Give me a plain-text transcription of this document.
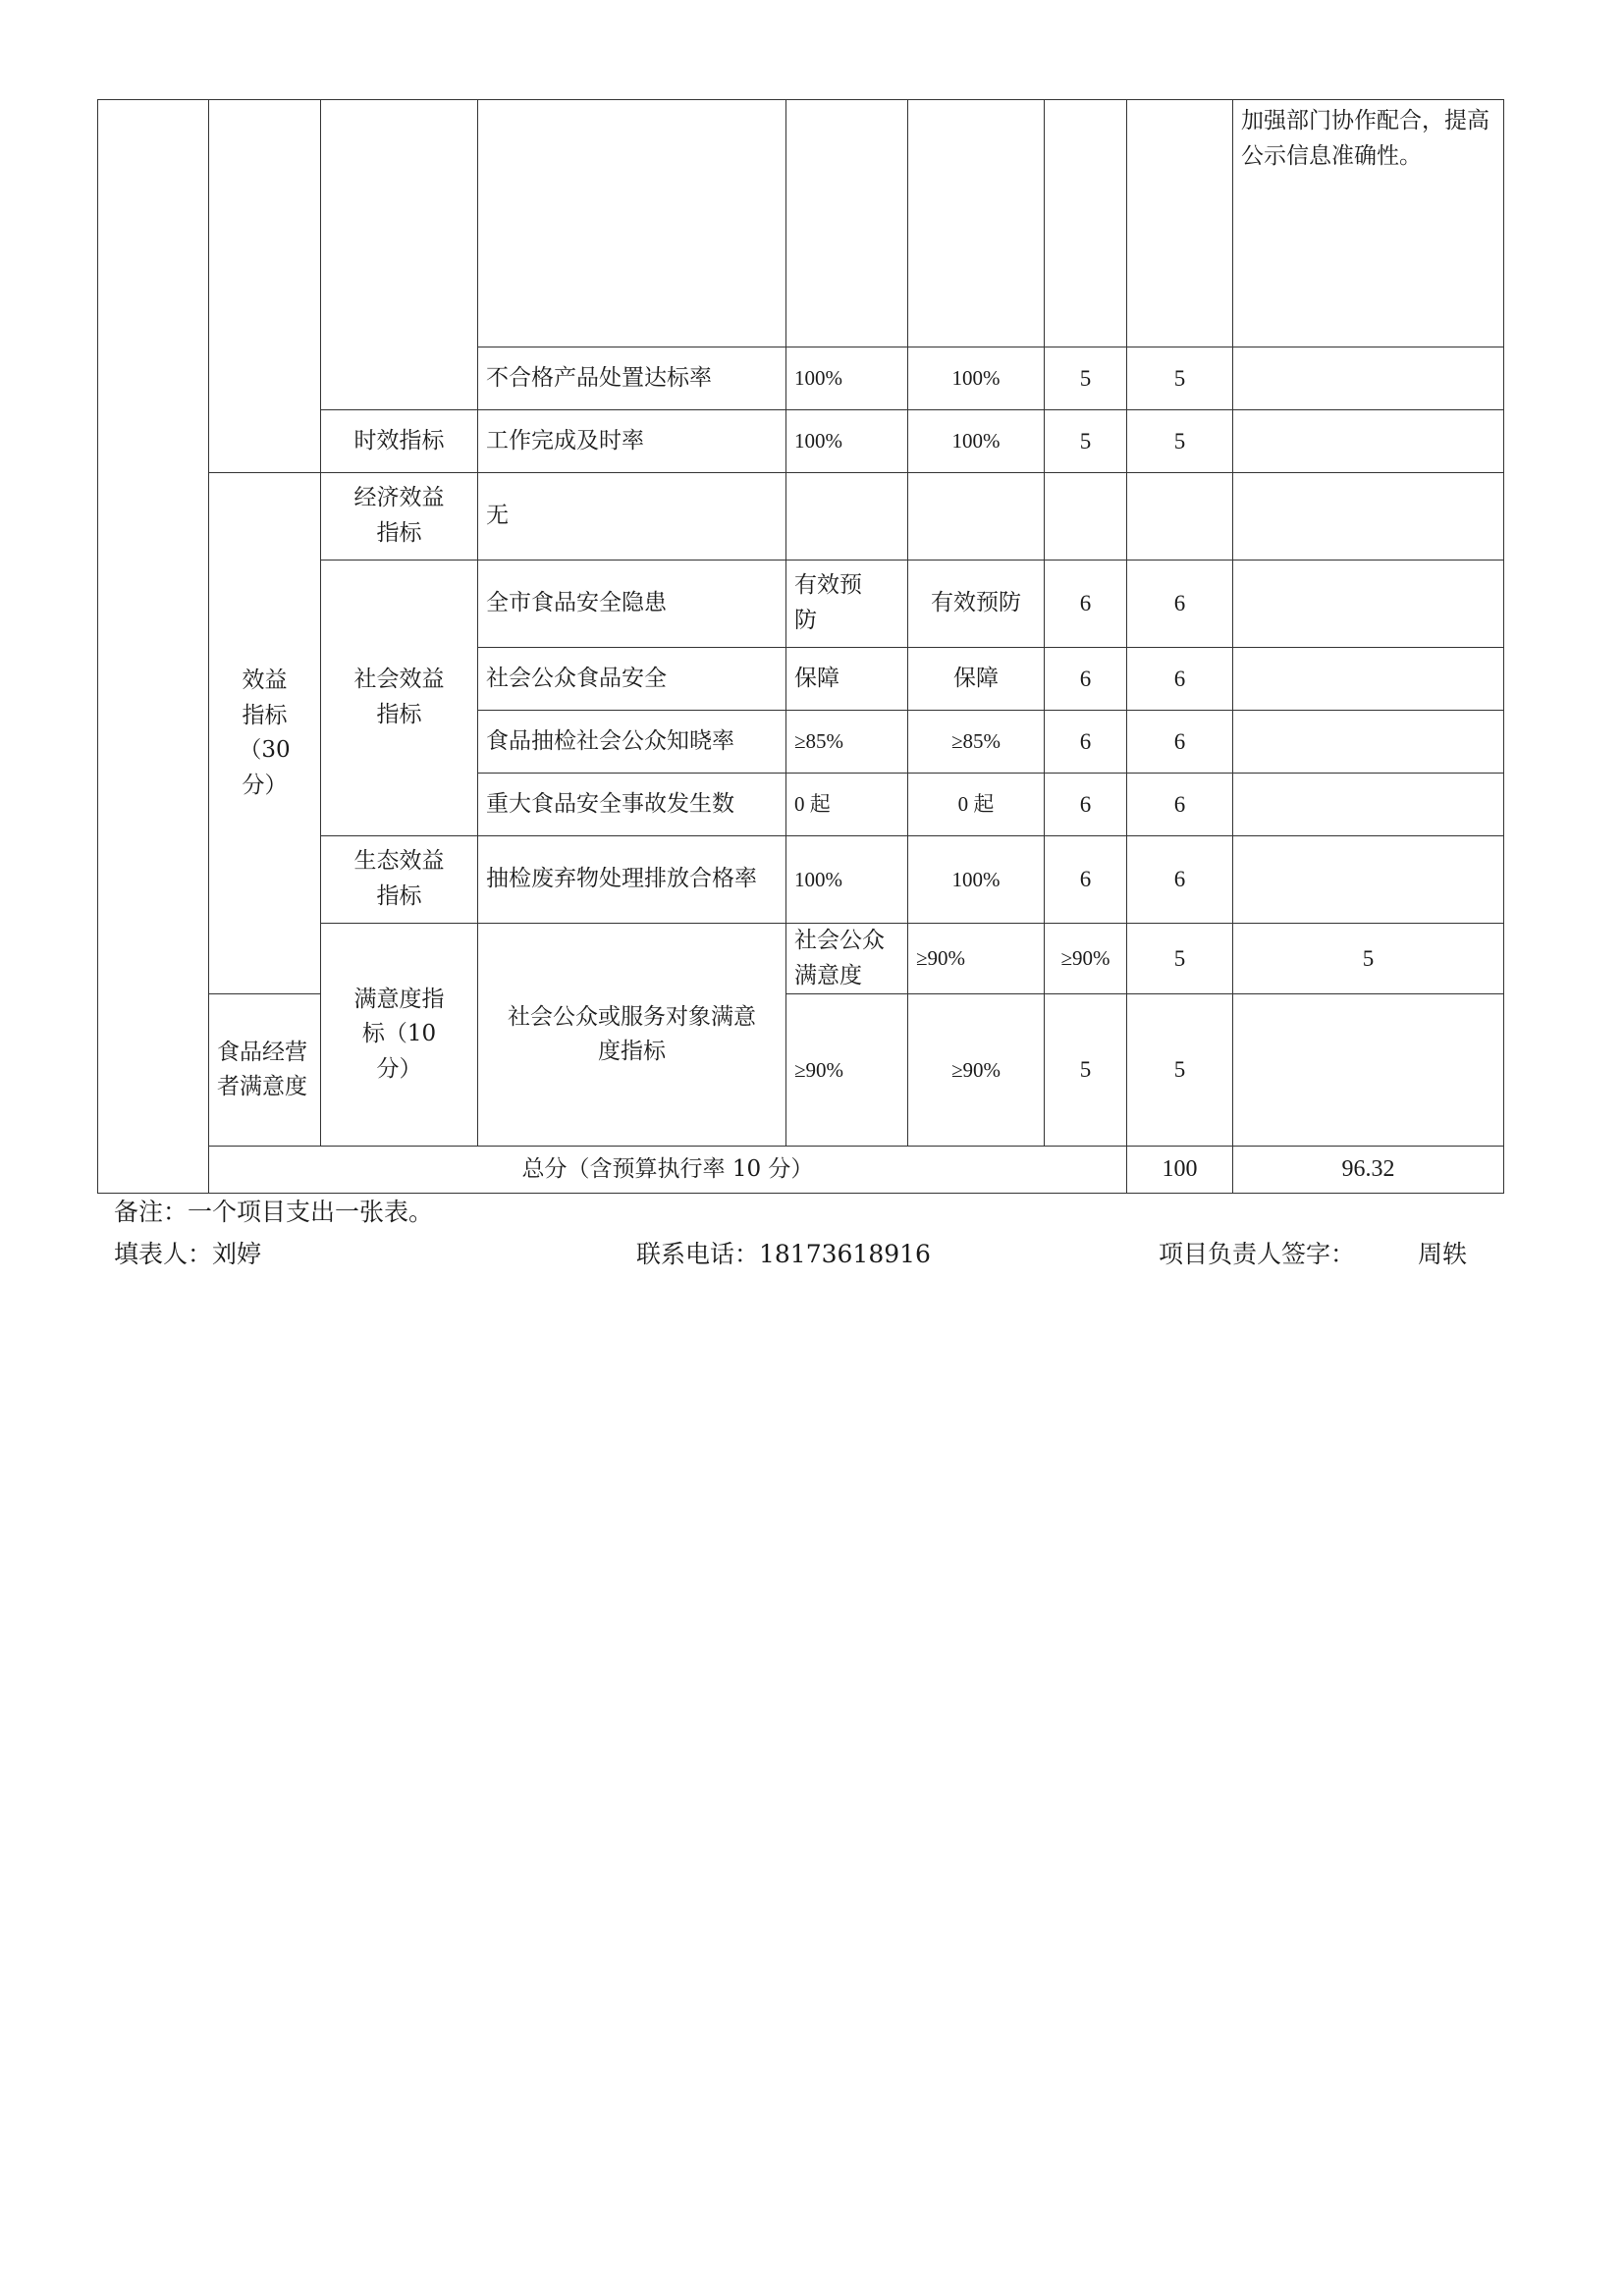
								加强部门协作配合，提高公示信息准确性。	
			不合格产品处置达标率	100%	100%	5	5		
		时效指标	工作完成及时率	100%	100%	5	5		
	效益指标（30分）	经济效益指标	无						
		社会效益指标	全市食品安全隐患	有效预防	有效预防	6	6		
			社会公众食品安全	保障	保障	6	6		
			食品抽检社会公众知晓率	≥85%	≥85%	6	6		
			重大食品安全事故发生数	0 起	0 起	6	6		
		生态效益指标	抽检废弃物处理排放合格率	100%	100%	6	6		
		满意度指标（10分）	社会公众或服务对象满意度指标	社会公众满意度	≥90%	≥90%	5	5	
	食品经营者满意度			≥90%	≥90%	5	5		
	总分（含预算执行率 10 分）						100	96.32	
备注：一个项目支出一张表。
填表人：刘婷	联系电话：18173618916	项目负责人签字：	周轶
